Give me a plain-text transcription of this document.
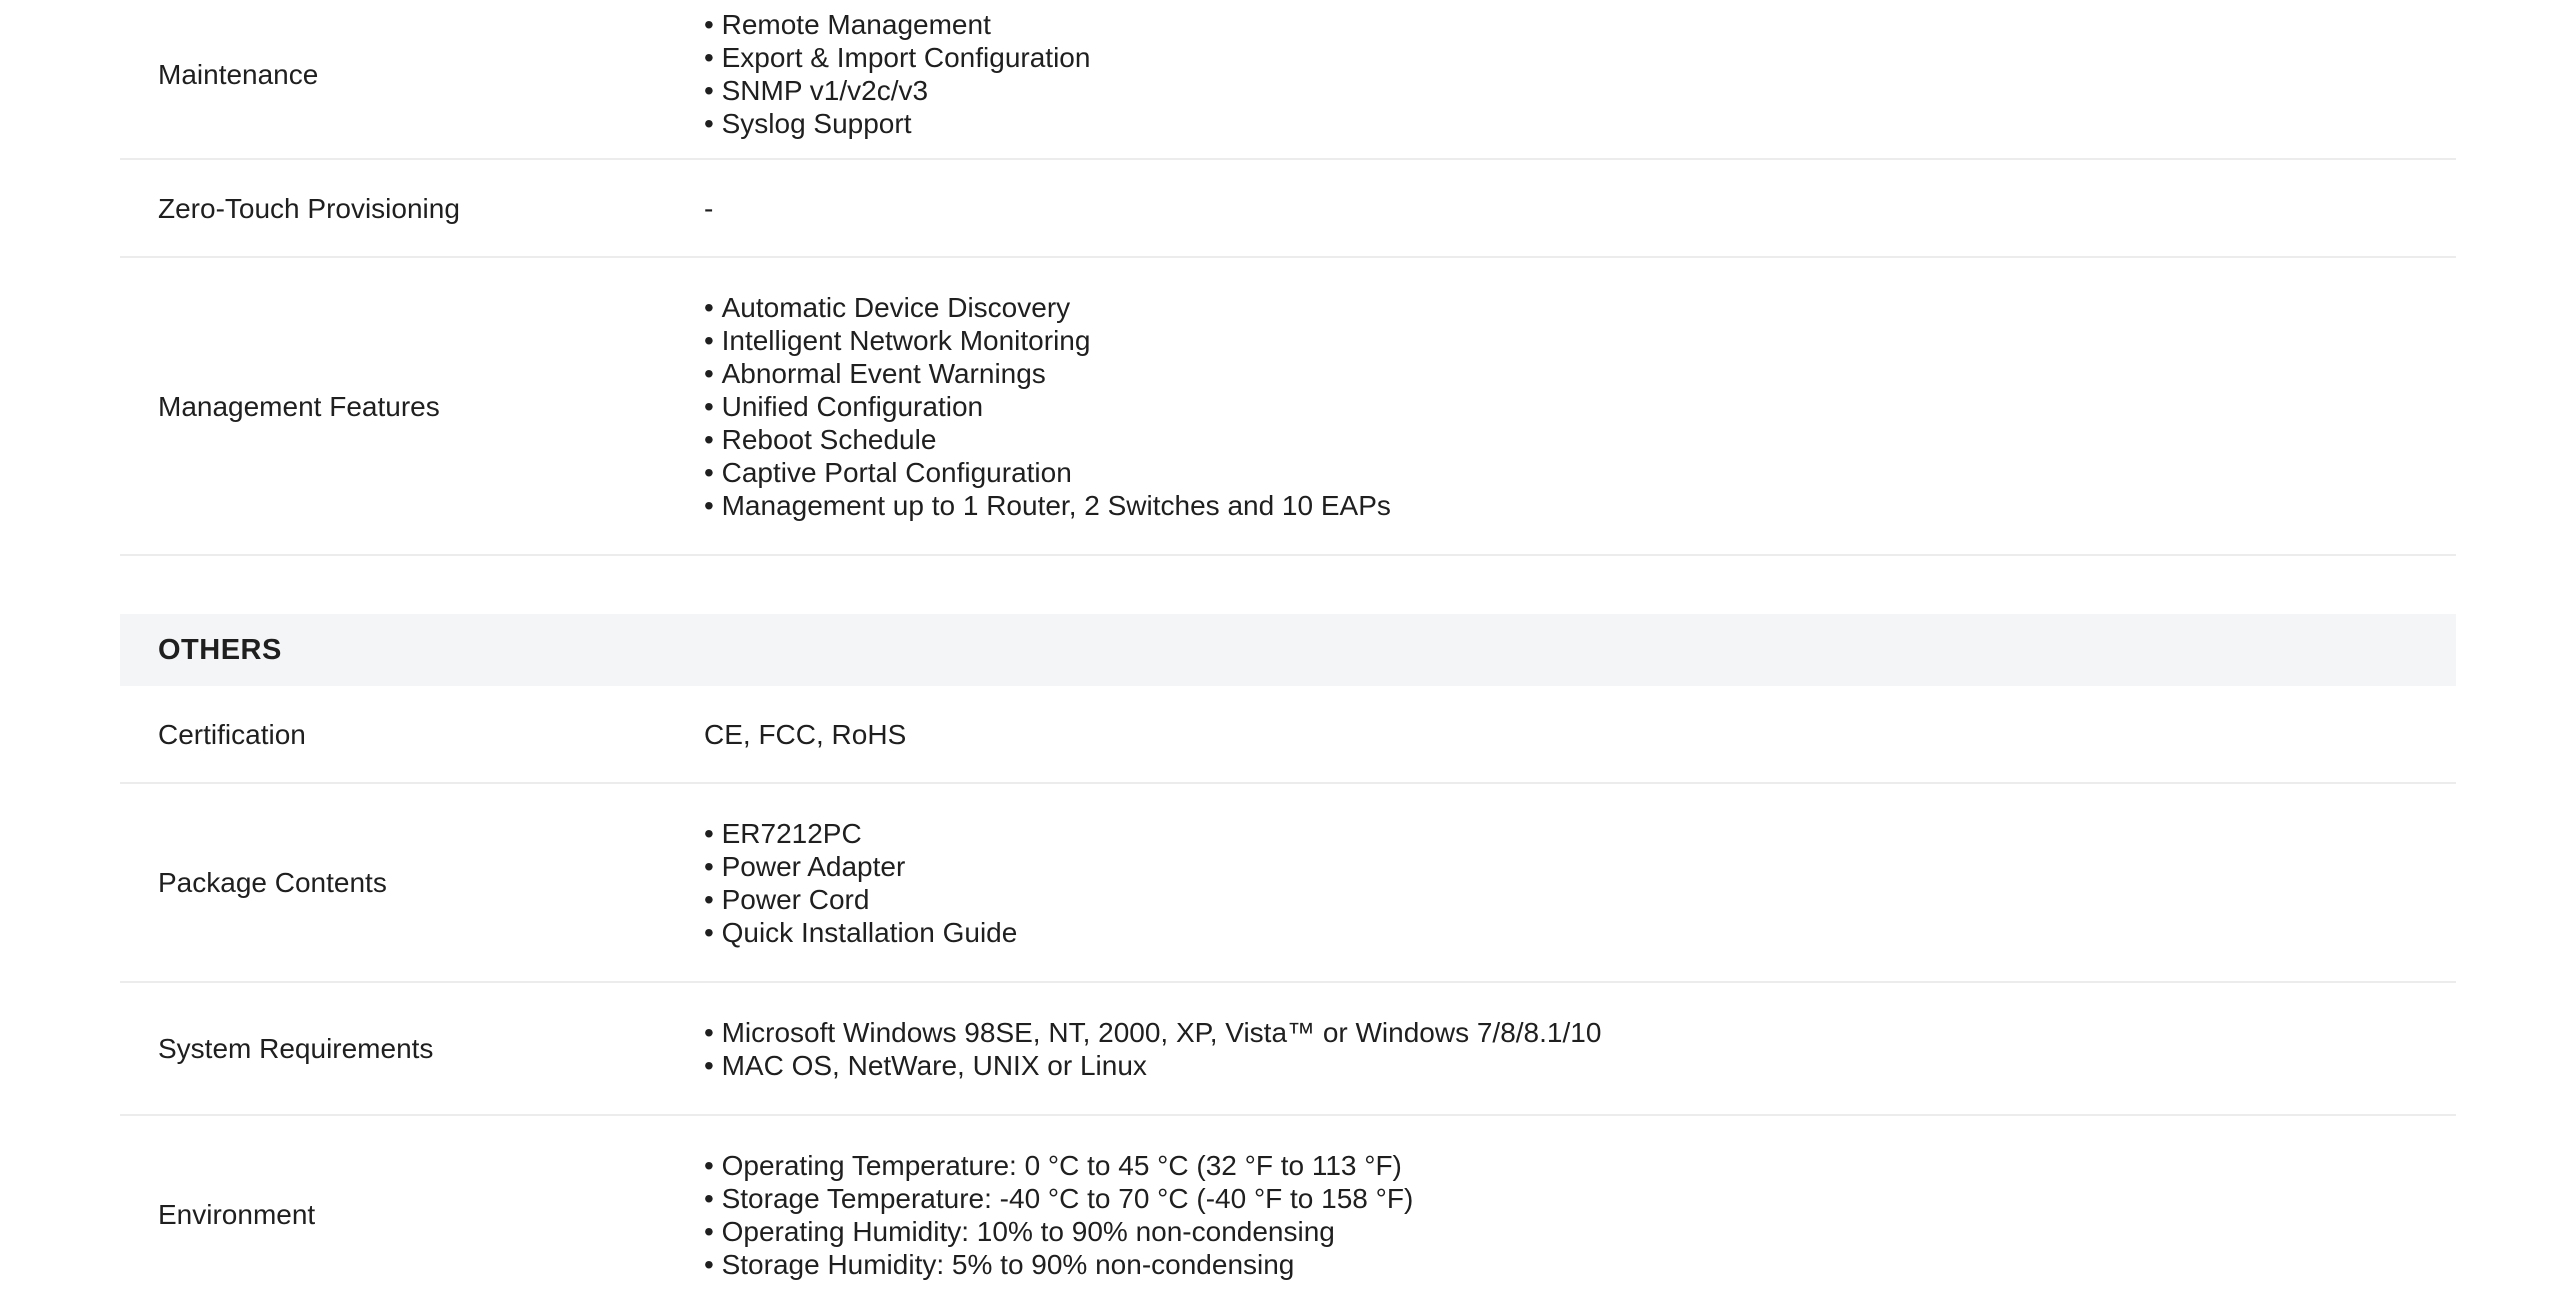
Maintenance
• Remote Management
• Export & Import Configuration
• SNMP v1/v2c/v3
• Syslog Support
Zero-Touch Provisioning	-
Management Features
• Automatic Device Discovery
• Intelligent Network Monitoring
• Abnormal Event Warnings
• Unified Configuration
• Reboot Schedule
• Captive Portal Configuration
• Management up to 1 Router, 2 Switches and 10 EAPs
OTHERS
Certification	CE, FCC, RoHS
Package Contents
• ER7212PC
• Power Adapter
• Power Cord
• Quick Installation Guide
System Requirements
• Microsoft Windows 98SE, NT, 2000, XP, Vista™ or Windows 7/8/8.1/10
• MAC OS, NetWare, UNIX or Linux
Environment
• Operating Temperature: 0 °C to 45 °C (32 °F to 113 °F)
• Storage Temperature: -40 °C to 70 °C (-40 °F to 158 °F)
• Operating Humidity: 10% to 90% non-condensing
• Storage Humidity: 5% to 90% non-condensing
